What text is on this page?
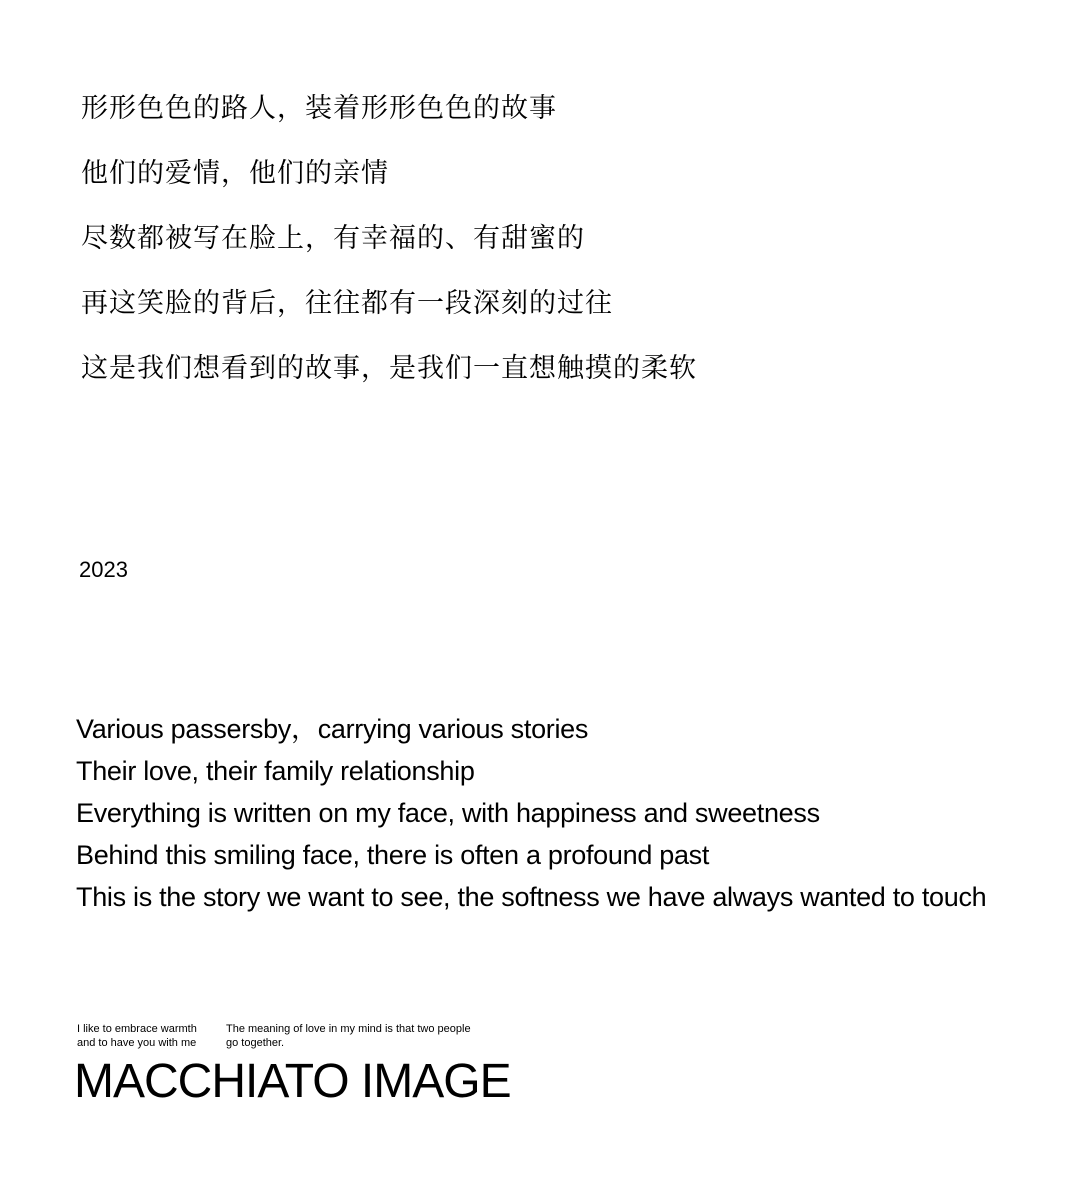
形形色色的路人，装着形形色色的故事
他们的爱情，他们的亲情
尽数都被写在脸上，有幸福的、有甜蜜的
再这笑脸的背后，往往都有一段深刻的过往
这是我们想看到的故事，是我们一直想触摸的柔软
2023
Various passersby，carrying various stories
Their love, their family relationship
Everything is written on my face, with happiness and sweetness
Behind this smiling face, there is often a profound past
This is the story we want to see, the softness we have always wanted to touch
I like to embrace warmth
and to have you with me
The meaning of love in my mind is that two people
go together.
MACCHIATO IMAGE
